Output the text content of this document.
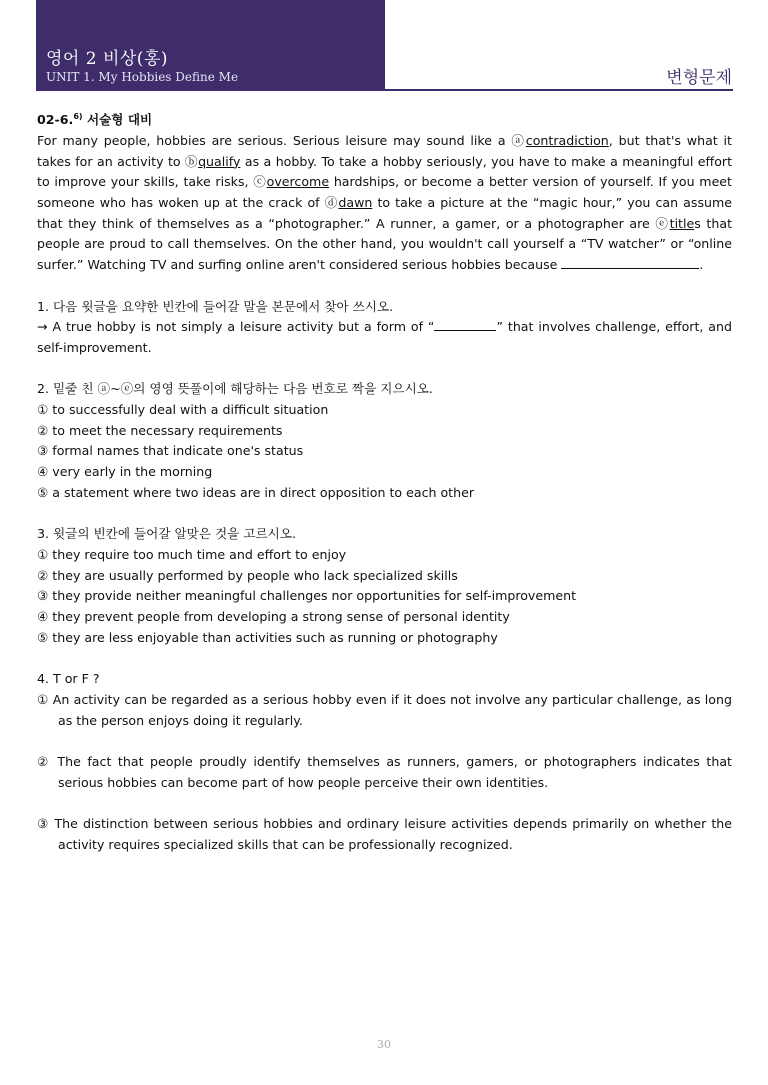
영어 2 비상(홍)
UNIT 1. My Hobbies Define Me	변형문제
02-6.$^{6)}$ 서술형 대비
For many people, hobbies are serious. Serious leisure may sound like a ⓐcontradiction, but that's what it takes for an activity to ⓑqualify as a hobby. To take a hobby seriously, you have to make a meaningful effort to improve your skills, take risks, ⓒovercome hardships, or become a better version of yourself. If you meet someone who has woken up at the crack of ⓓdawn to take a picture at the “magic hour,” you can assume that they think of themselves as a “photographer.” A runner, a gamer, or a photographer are ⓔtitles that people are proud to call themselves. On the other hand, you wouldn't call yourself a “TV watcher” or “online surfer.” Watching TV and surfing online aren't considered serious hobbies because	.
1. 다음 윗글을 요약한 빈칸에 들어갈 말을 본문에서 찾아 쓰시오.
→ A true hobby is not simply a leisure activity but a form of “	” that involves challenge, effort, and self-improvement.
2. 밑줄 친 ⓐ~ⓔ의 영영 뜻풀이에 해당하는 다음 번호로 짝을 지으시오.
① to successfully deal with a difficult situation
② to meet the necessary requirements
③ formal names that indicate one's status
④ very early in the morning
⑤ a statement where two ideas are in direct opposition to each other
3. 윗글의 빈칸에 들어갈 알맞은 것을 고르시오.
① they require too much time and effort to enjoy
② they are usually performed by people who lack specialized skills
③ they provide neither meaningful challenges nor opportunities for self-improvement
④ they prevent people from developing a strong sense of personal identity
⑤ they are less enjoyable than activities such as running or photography
4. T or F ?
① An activity can be regarded as a serious hobby even if it does not involve any particular challenge, as long as the person enjoys doing it regularly.
② The fact that people proudly identify themselves as runners, gamers, or photographers indicates that serious hobbies can become part of how people perceive their own identities.
③ The distinction between serious hobbies and ordinary leisure activities depends primarily on whether the activity requires specialized skills that can be professionally recognized.
30
